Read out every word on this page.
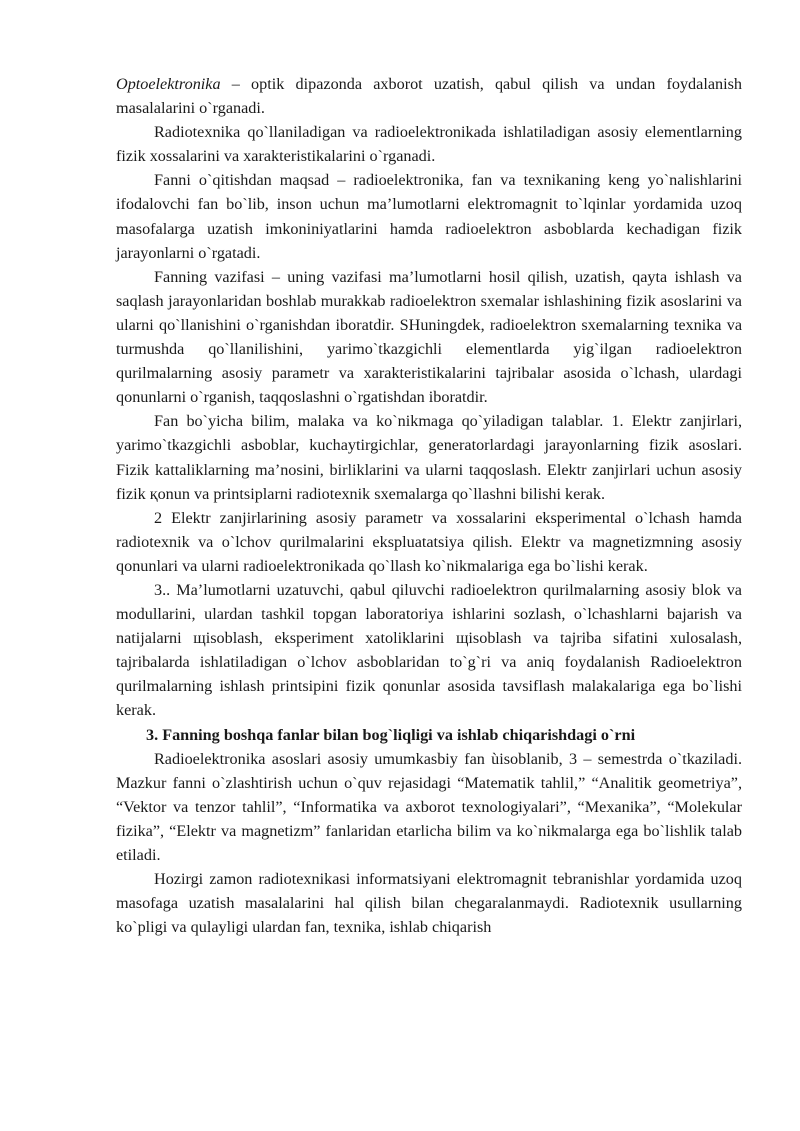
Optoelektronika – optik dipazonda axborot uzatish, qabul qilish va undan foydalanish masalalarini o`rganadi.

Radiotexnika qo`llaniladigan va radioelektronikada ishlatiladigan asosiy elementlarning fizik xossalarini va xarakteristikalarini o`rganadi.

Fanni o`qitishdan maqsad – radioelektronika, fan va texnikaning keng yo`nalishlarini ifodalovchi fan bo`lib, inson uchun ma’lumotlarni elektromagnit to`lqinlar yordamida uzoq masofalarga uzatish imkoniniyatlarini hamda radioelektron asboblarda kechadigan fizik jarayonlarni o`rgatadi.

Fanning vazifasi – uning vazifasi ma’lumotlarni hosil qilish, uzatish, qayta ishlash va saqlash jarayonlaridan boshlab murakkab radioelektron sxemalar ishlashining fizik asoslarini va ularni qo`llanishini o`rganishdan iboratdir. SHuningdek, radioelektron sxemalarning texnika va turmushda qo`llanilishini, yarimo`tkazgichli elementlarda yig`ilgan radioelektron qurilmalarning asosiy parametr va xarakteristikalarini tajribalar asosida o`lchash, ulardagi qonunlarni o`rganish, taqqoslashni o`rgatishdan iboratdir.

Fan bo`yicha bilim, malaka va ko`nikmaga qo`yiladigan talablar. 1. Elektr zanjirlari, yarimo`tkazgichli asboblar, kuchaytirgichlar, generatorlardagi jarayonlarning fizik asoslari. Fizik kattaliklarning ma’nosini, birliklarini va ularni taqqoslash. Elektr zanjirlari uchun asosiy fizik қonun va printsiplarni radiotexnik sxemalarga qo`llashni bilishi kerak.

2 Elektr zanjirlarining asosiy parametr va xossalarini eksperimental o`lchash hamda radiotexnik va o`lchov qurilmalarini ekspluatatsiya qilish. Elektr va magnetizmning asosiy qonunlari va ularni radioelektronikada qo`llash ko`nikmalariga ega bo`lishi kerak.

3.. Ma’lumotlarni uzatuvchi, qabul qiluvchi radioelektron qurilmalarning asosiy blok va modullarini, ulardan tashkil topgan laboratoriya ishlarini sozlash, o`lchashlarni bajarish va natijalarni щisoblash, eksperiment xatoliklarini щisoblash va tajriba sifatini xulosalash, tajribalarda ishlatiladigan o`lchov asboblaridan to`g`ri va aniq foydalanish Radioelektron qurilmalarning ishlash printsipini fizik qonunlar asosida tavsiflash malakalariga ega bo`lishi kerak.

3. Fanning boshqa fanlar bilan bog`liqligi va ishlab chiqarishdagi o`rni

Radioelektronika asoslari asosiy umumkasbiy fan ùisoblanib, 3 – semestrda o`tkaziladi. Mazkur fanni o`zlashtirish uchun o`quv rejasidagi “Matematik tahlil,” “Analitik geometriya”, “Vektor va tenzor tahlil”, “Informatika va axborot texnologiyalari”, “Mexanika”, “Molekular fizika”, “Elektr va magnetizm” fanlaridan etarlicha bilim va ko`nikmalarga ega bo`lishlik talab etiladi.

Hozirgi zamon radiotexnikasi informatsiyani elektromagnit tebranishlar yordamida uzoq masofaga uzatish masalalarini hal qilish bilan chegaralanmaydi. Radiotexnik usullarning ko`pligi va qulayligi ulardan fan, texnika, ishlab chiqarish
